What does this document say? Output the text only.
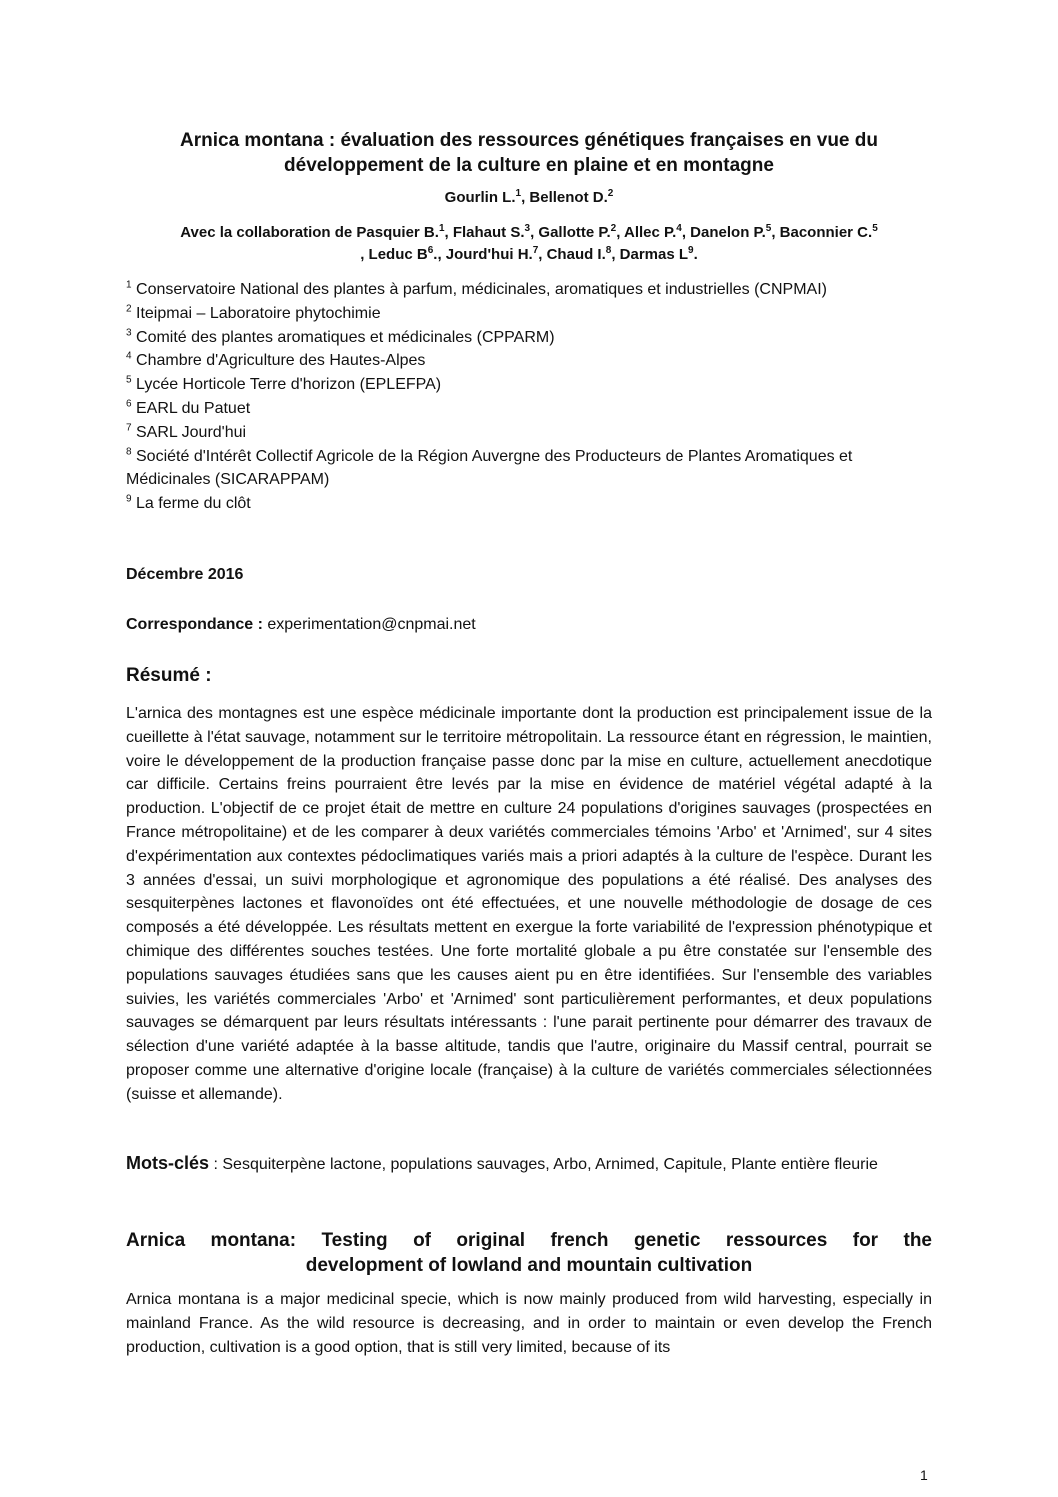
Arnica montana : évaluation des ressources génétiques françaises en vue du
développement de la culture en plaine et en montagne
Gourlin L.$^1$, Bellenot D.$^2$
Avec la collaboration de Pasquier B.$^1$, Flahaut S.$^3$, Gallotte P.$^2$, Allec P.$^4$, Danelon P.$^5$, Baconnier C.$^5$
, Leduc $B^6$., Jourd'hui H.$^7$, Chaud I.$^8$, Darmas $L^9$.

$^1$ Conservatoire National des plantes à parfum, médicinales, aromatiques et industrielles (CNPMAI)

$^2$ Iteipmai – Laboratoire phytochimie

$^3$ Comité des plantes aromatiques et médicinales (CPPARM)

$^4$ Chambre d'Agriculture des Hautes-Alpes

$^5$ Lycée Horticole Terre d'horizon (EPLEFPA)

$^6$ EARL du Patuet

$^7$ SARL Jourd'hui

$^8$ Société d'Intérêt Collectif Agricole de la Région Auvergne des Producteurs de Plantes Aromatiques et Médicinales (SICARAPPAM)

$^9$ La ferme du clôt

Décembre 2016
Correspondance : experimentation@cnpmai.net
Résumé :
L'arnica des montagnes est une espèce médicinale importante dont la production est principalement issue de la cueillette à l'état sauvage, notamment sur le territoire métropolitain. La ressource étant en régression, le maintien, voire le développement de la production française passe donc par la mise en culture, actuellement anecdotique car difficile. Certains freins pourraient être levés par la mise en évidence de matériel végétal adapté à la production. L'objectif de ce projet était de mettre en culture 24 populations d'origines sauvages (prospectées en France métropolitaine) et de les comparer à deux variétés commerciales témoins 'Arbo' et 'Arnimed', sur 4 sites d'expérimentation aux contextes pédoclimatiques variés mais a priori adaptés à la culture de l'espèce. Durant les 3 années d'essai, un suivi morphologique et agronomique des populations a été réalisé. Des analyses des sesquiterpènes lactones et flavonoïdes ont été effectuées, et une nouvelle méthodologie de dosage de ces composés a été développée. Les résultats mettent en exergue la forte variabilité de l'expression phénotypique et chimique des différentes souches testées. Une forte mortalité globale a pu être constatée sur l'ensemble des populations sauvages étudiées sans que les causes aient pu en être identifiées. Sur l'ensemble des variables suivies, les variétés commerciales 'Arbo' et 'Arnimed' sont particulièrement performantes, et deux populations sauvages se démarquent par leurs résultats intéressants : l'une parait pertinente pour démarrer des travaux de sélection d'une variété adaptée à la basse altitude, tandis que l'autre, originaire du Massif central, pourrait se proposer comme une alternative d'origine locale (française) à la culture de variétés commerciales sélectionnées (suisse et allemande).
Mots-clés : Sesquiterpène lactone, populations sauvages, Arbo, Arnimed, Capitule, Plante entière fleurie
Arnica montana: Testing of original french genetic ressources for the
development of lowland and mountain cultivation
Arnica montana is a major medicinal specie, which is now mainly produced from wild harvesting, especially in mainland France. As the wild resource is decreasing, and in order to maintain or even develop the French production, cultivation is a good option, that is still very limited, because of its
1
